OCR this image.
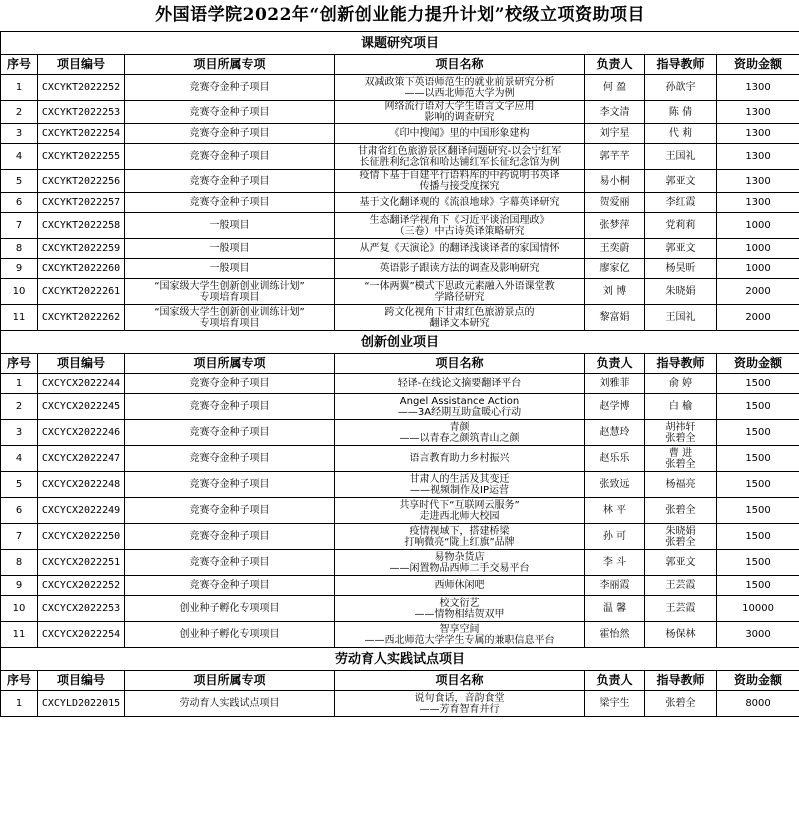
外国语学院2022年“创新创业能力提升计划”校级立项资助项目						
课题研究项目						
序号	项目编号	项目所属专项	项目名称	负责人	指导教师	资助金额
1	CXCYKT2022252	竞赛夺金种子项目	双减政策下英语师范生的就业前景研究分析
——以西北师范大学为例	何 盈	孙歆宇	1300
2	CXCYKT2022253	竞赛夺金种子项目	网络流行语对大学生语言文字应用
影响的调查研究	李文清	陈 倩	1300
3	CXCYKT2022254	竞赛夺金种子项目	《印中搜闻》里的中国形象建构	刘宇星	代 莉	1300
4	CXCYKT2022255	竞赛夺金种子项目	甘肃省红色旅游景区翻译问题研究-以会宁红军
长征胜利纪念馆和哈达铺红军长征纪念馆为例	郭芊芊	王国礼	1300
5	CXCYKT2022256	竞赛夺金种子项目	疫情下基于自建平行语料库的中药说明书英译
传播与接受度探究	易小桐	郭亚文	1300
6	CXCYKT2022257	竞赛夺金种子项目	基于文化翻译观的《流浪地球》字幕英译研究	贺爱丽	李红霞	1300
7	CXCYKT2022258	一般项目	生态翻译学视角下《习近平谈治国理政》
（三卷）中古诗英译策略研究	张梦萍	党莉莉	1000
8	CXCYKT2022259	一般项目	从严复《天演论》的翻译浅谈译者的家国情怀	王奕蔚	郭亚文	1000
9	CXCYKT2022260	一般项目	英语影子跟读方法的调查及影响研究	廖家亿	杨昊昕	1000
10	CXCYKT2022261	“国家级大学生创新创业训练计划”
专项培育项目	“一体两翼”模式下思政元素融入外语课堂教
学路径研究	刘 博	朱晓娟	2000
11	CXCYKT2022262	“国家级大学生创新创业训练计划”
专项培育项目	跨文化视角下甘肃红色旅游景点的
翻译文本研究	黎富娟	王国礼	2000
创新创业项目						
序号	项目编号	项目所属专项	项目名称	负责人	指导教师	资助金额
1	CXCYCX2022244	竞赛夺金种子项目	轻译-在线论文摘要翻译平台	刘雅菲	俞 婷	1500
2	CXCYCX2022245	竞赛夺金种子项目	Angel Assistance Action
——3A经期互助盒暖心行动	赵学博	白 榆	1500
3	CXCYCX2022246	竞赛夺金种子项目	青颜
——以青春之颜筑青山之颜	赵慧玲	胡祎轩
张碧全	1500
4	CXCYCX2022247	竞赛夺金种子项目	语言教育助力乡村振兴	赵乐乐	曹 进
张碧全	1500
5	CXCYCX2022248	竞赛夺金种子项目	甘肃人的生活及其变迁
——视频制作及IP运营	张致远	杨福亮	1500
6	CXCYCX2022249	竞赛夺金种子项目	共享时代下“互联网云服务”
走进西北师大校园	林 平	张碧全	1500
7	CXCYCX2022250	竞赛夺金种子项目	疫情视域下，搭建桥梁
打响微亮“陇上红旗”品牌	孙 可	朱晓娟
张碧全	1500
8	CXCYCX2022251	竞赛夺金种子项目	易物杂货店
——闲置物品西师二手交易平台	李 斗	郭亚文	1500
9	CXCYCX2022252	竞赛夺金种子项目	西师休闲吧	李丽霞	王芸霞	1500
10	CXCYCX2022253	创业种子孵化专项项目	校文衍艺
——情物相结贺双甲	温 馨	王芸霞	10000
11	CXCYCX2022254	创业种子孵化专项项目	智享空间
——西北师范大学学生专属的兼职信息平台	霍怡然	杨保林	3000
劳动育人实践试点项目						
序号	项目编号	项目所属专项	项目名称	负责人	指导教师	资助金额
1	CXCYLD2022015	劳动育人实践试点项目	说句食话，音韵食堂
——芳育智育并行	梁宇生	张碧全	8000
